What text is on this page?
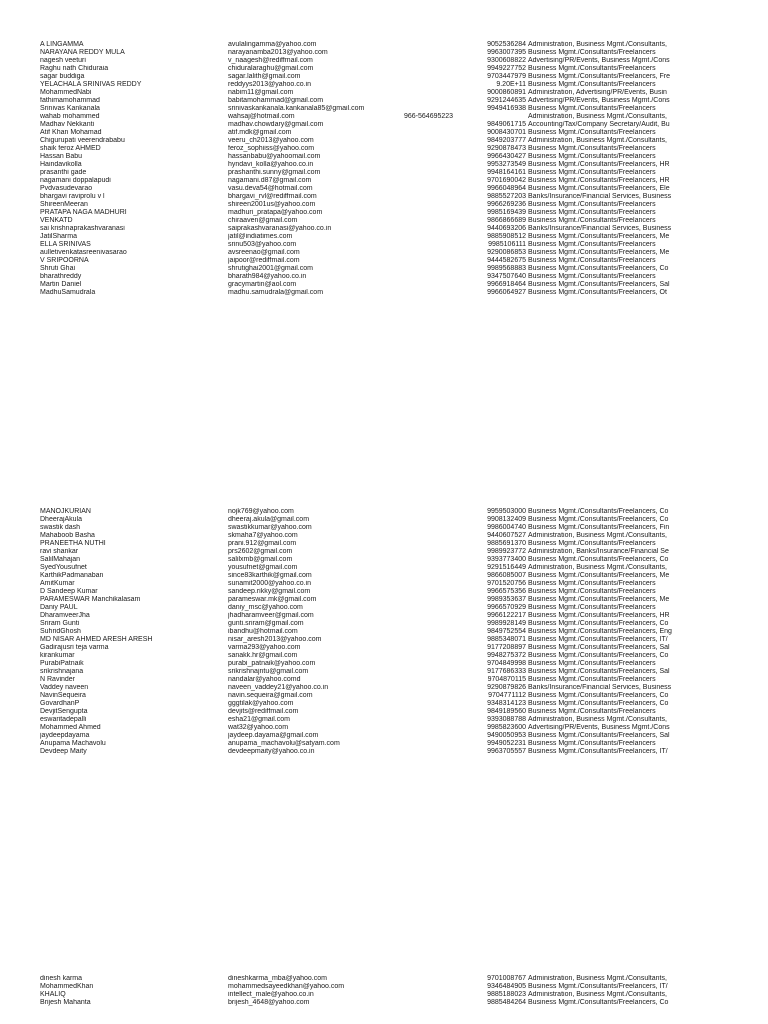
A LINGAMMA	avulalingamma@yahoo.com	9052536284 Administration, Business Mgmt./Consultants,
NARAYANA REDDY MULA	narayanamba2013@yahoo.com	9963007395 Business Mgmt./Consultants/Freelancers
nagesh veeturi	v_naagesh@rediffmail.com	9300608822 Advertising/PR/Events, Business Mgmt./Cons
Raghu nath Chiduraia	chiduralaraghu@gmail.com	9949227752 Business Mgmt./Consultants/Freelancers
sagar buddiga	sagar.lalith@gmail.com	9703447979 Business Mgmt./Consultants/Freelancers, Fre
YELACHALA SRINIVAS REDDY	reddyys2013@yahoo.co.in	9.20E+11 Business Mgmt./Consultants/Freelancers
MohammedNabi	nabim11@gmail.com	9000860891 Administration, Advertising/PR/Events, Busin
fathimamohammad	babitamohammad@gmail.com	9291244635 Advertising/PR/Events, Business Mgmt./Cons
Srinivas Kankanala	srinivaskankanala.kankanala85@gmail.com	9949416938 Business Mgmt./Consultants/Freelancers
wahab mohammed	wahsaj@hotmail.com	966-564695223	Administration, Business Mgmt./Consultants,
Madhav Nekkanti	madhav.chowdary@gmail.com	9849061715 Accounting/Tax/Company Secretary/Audit, Bu
Atif Khan Mohamad	atif.mdk@gmail.com	9008430701 Business Mgmt./Consultants/Freelancers
Chigurupati veerendrababu	veeru_ch2013@yahoo.com	9849203777 Administration, Business Mgmt./Consultants,
shaik feroz AHMED	feroz_sophiiss@yahoo.com	9290878473 Business Mgmt./Consultants/Freelancers
Hassan Babu	hassanbabu@yahoomail.com	9966430427 Business Mgmt./Consultants/Freelancers
Haindavikolla	hyndavi_kolla@yahoo.co.in	9953273549 Business Mgmt./Consultants/Freelancers, HR
prasanthi gade	prashanthi.sunny@gmail.com	9948164161 Business Mgmt./Consultants/Freelancers
nagamani doppalapudi	nagamani.d87@gmail.com	9701690042 Business Mgmt./Consultants/Freelancers, HR
Pvdvasudevarao	vasu.deva54@hotmail.com	9966048964 Business Mgmt./Consultants/Freelancers, Ele
bhargavi raviprolu v l	bhargavi_rvl@rediffmail.com	9885527203 Banks/Insurance/Financial Services, Business
ShireenMeeran	shireen2001us@yahoo.com	9966269236 Business Mgmt./Consultants/Freelancers
PRATAPA NAGA MADHURI	madhuri_pratapa@yahoo.com	9985169439 Business Mgmt./Consultants/Freelancers
VENKATD	chiraaven@gmail.com	9866866689 Business Mgmt./Consultants/Freelancers
sai krishnaprakashvaranasi	saiprakashvaranasi@yahoo.co.in	9440693206 Banks/Insurance/Financial Services, Business
JatilSharma	jatil@indiatimes.com	9885908512 Business Mgmt./Consultants/Freelancers, Me
ELLA SRINIVAS	srinu503@yahoo.com	9985106111 Business Mgmt./Consultants/Freelancers
aulletivenkatasreenivasarao	avsreenao@gmail.com	9290086853 Business Mgmt./Consultants/Freelancers, Me
V SRIPOORNA	jaipoor@rediffmail.com	9444582675 Business Mgmt./Consultants/Freelancers
Shruti Ghai	shrutighai2001@gmail.com	9989568883 Business Mgmt./Consultants/Freelancers, Co
bharathreddy	bharath984@yahoo.co.in	9347507640 Business Mgmt./Consultants/Freelancers
Martin Daniel	gracymartin@aol.com	9966918464 Business Mgmt./Consultants/Freelancers, Sal
MadhuSamudrala	madhu.samudrala@gmail.com	9966064927 Business Mgmt./Consultants/Freelancers, Ot
MANOJKURIAN	nojk769@yahoo.com	9959503000 Business Mgmt./Consultants/Freelancers, Co
DheerajAkula	dheeraj.akula@gmail.com	9908132409 Business Mgmt./Consultants/Freelancers, Co
swastik dash	swastikkumar@yahoo.com	9986004740 Business Mgmt./Consultants/Freelancers, Fin
Mahaboob Basha	skmaha7@yahoo.com	9440607527 Administration, Business Mgmt./Consultants,
PRANEETHA NUTHI	prani.912@gmail.com	9885691370 Business Mgmt./Consultants/Freelancers
ravi shankar	prs2602@gmail.com	9989923772 Administration, Banks/Insurance/Financial Se
SalilMahajan	salilxmb@gmail.com	9393773400 Business Mgmt./Consultants/Freelancers, Co
SyedYousufnet	yousufnet@gmail.com	9291516449 Administration, Business Mgmt./Consultants,
KarthikPadmanaban	since83karthik@gmail.com	9866085007 Business Mgmt./Consultants/Freelancers, Me
AmitKumar	sunamit2000@yahoo.co.in	9701520756 Business Mgmt./Consultants/Freelancers
D Sandeep Kumar	sandeep.rikky@gmail.com	9966575356 Business Mgmt./Consultants/Freelancers
PARAMESWAR Manchikalasam	parameswar.mk@gmail.com	9989353637 Business Mgmt./Consultants/Freelancers, Me
Daniy PAUL	daniy_msc@yahoo.com	9966570929 Business Mgmt./Consultants/Freelancers
DharamveerJha	jhadharamveer@gmail.com	9966122217 Business Mgmt./Consultants/Freelancers, HR
Sriram Gunti	gunti.sriram@gmail.com	9989928149 Business Mgmt./Consultants/Freelancers, Co
SuhridGhosh	ibandhu@hotmail.com	9849752554 Business Mgmt./Consultants/Freelancers, Eng
MD NISAR AHMED ARESH ARESH	nisar_aresh2013@yahoo.com	9885348071 Business Mgmt./Consultants/Freelancers, IT/
Gadirajusri teja varma	varma293@yahoo.com	9177208897 Business Mgmt./Consultants/Freelancers, Sal
kirankumar	sanakk.hr@gmail.com	9948275372 Business Mgmt./Consultants/Freelancers, Co
PurabiPatnaik	purabi_patnaik@yahoo.com	9704849998 Business Mgmt./Consultants/Freelancers
srikrishnajana	srikrishnajntu@gmail.com	9177686333 Business Mgmt./Consultants/Freelancers, Sal
N Ravinder	nandalar@yahoo.comd	9704870115 Business Mgmt./Consultants/Freelancers
Vaddey naveen	naveen_vaddey21@yahoo.co.in	9290879826 Banks/Insurance/Financial Services, Business
NavinSequeira	navin.sequeira@gmail.com	9704771112 Business Mgmt./Consultants/Freelancers, Co
GovardhanP	gggtilak@yahoo.com	9348314123 Business Mgmt./Consultants/Freelancers, Co
DevjitSengupta	devjits@rediffmail.com	9849189560 Business Mgmt./Consultants/Freelancers
eswaritadepalli	esha21@gmail.com	9393088788 Administration, Business Mgmt./Consultants,
Mohammed Ahmed	wat32@yahoo.com	9985823600 Advertising/PR/Events, Business Mgmt./Cons
jaydeepdayama	jaydeep.dayama@gmail.com	9490050953 Business Mgmt./Consultants/Freelancers, Sal
Anupama Machavolu	anupama_machavolu@satyam.com	9949052231 Business Mgmt./Consultants/Freelancers
Devdeep Maity	devdeepmaity@yahoo.co.in	9963705557 Business Mgmt./Consultants/Freelancers, IT/
dinesh karma	dineshkarma_mba@yahoo.com	9701008767 Administration, Business Mgmt./Consultants,
MohammedKhan	mohammedsayeedkhan@yahoo.com	9346484905 Business Mgmt./Consultants/Freelancers, IT/
KHALIQ	intellect_male@yahoo.co.in	9885188023 Administration, Business Mgmt./Consultants,
Brijesh Mahanta	brijesh_4648@yahoo.com	9885484264 Business Mgmt./Consultants/Freelancers, Co
